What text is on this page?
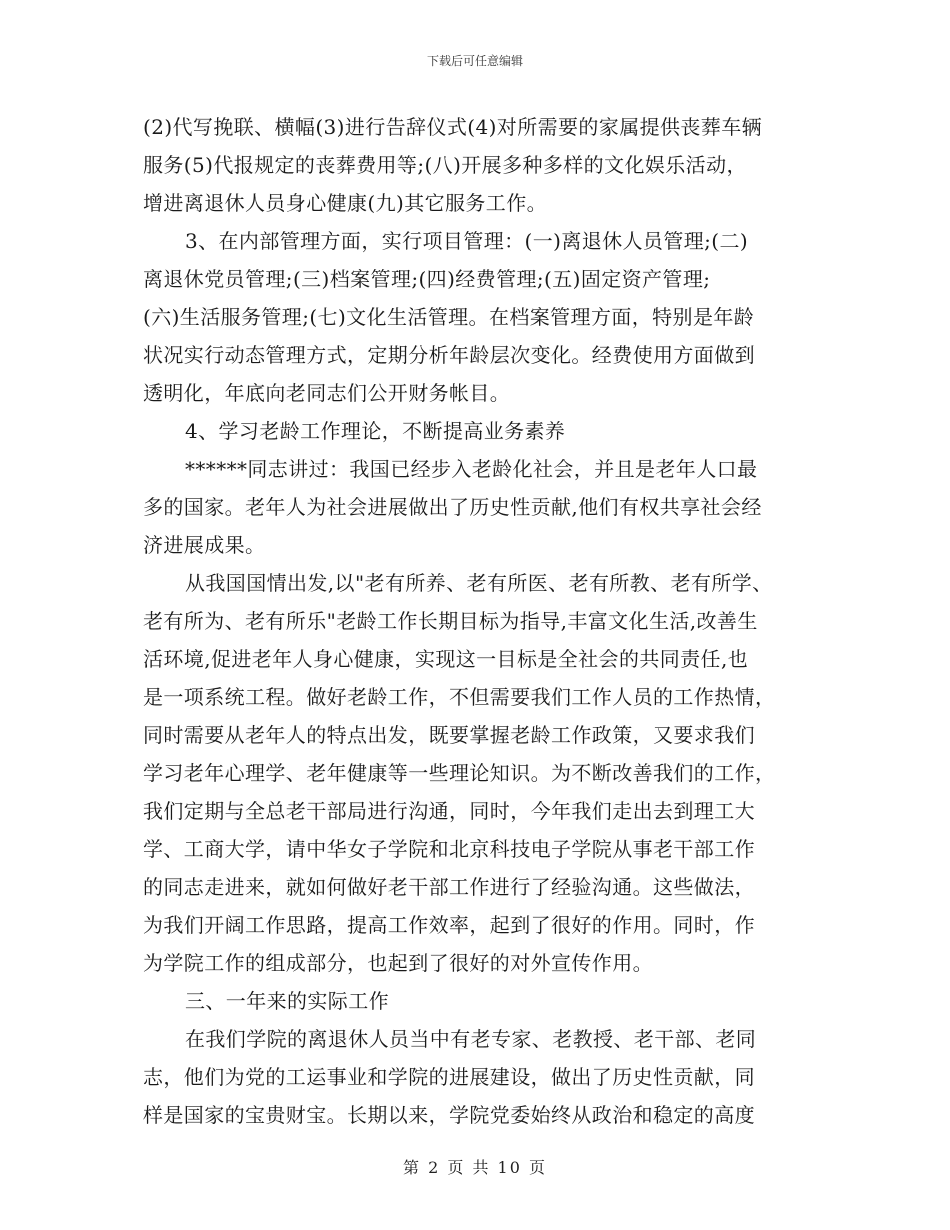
下载后可任意编辑
(2)代写挽联、横幅(3)进行告辞仪式(4)对所需要的家属提供丧葬车辆
服务(5)代报规定的丧葬费用等;(八)开展多种多样的文化娱乐活动，
增进离退休人员身心健康(九)其它服务工作。
3、在内部管理方面，实行项目管理：(一)离退休人员管理;(二)
离退休党员管理;(三)档案管理;(四)经费管理;(五)固定资产管理;
(六)生活服务管理;(七)文化生活管理。在档案管理方面，特别是年龄
状况实行动态管理方式，定期分析年龄层次变化。经费使用方面做到
透明化，年底向老同志们公开财务帐目。
4、学习老龄工作理论，不断提高业务素养
******同志讲过：我国已经步入老龄化社会，并且是老年人口最
多的国家。老年人为社会进展做出了历史性贡献,他们有权共享社会经
济进展成果。
从我国国情出发,以"老有所养、老有所医、老有所教、老有所学、
老有所为、老有所乐"老龄工作长期目标为指导,丰富文化生活,改善生
活环境,促进老年人身心健康，实现这一目标是全社会的共同责任,也
是一项系统工程。做好老龄工作，不但需要我们工作人员的工作热情，
同时需要从老年人的特点出发，既要掌握老龄工作政策，又要求我们
学习老年心理学、老年健康等一些理论知识。为不断改善我们的工作，
我们定期与全总老干部局进行沟通，同时，今年我们走出去到理工大
学、工商大学，请中华女子学院和北京科技电子学院从事老干部工作
的同志走进来，就如何做好老干部工作进行了经验沟通。这些做法，
为我们开阔工作思路，提高工作效率，起到了很好的作用。同时，作
为学院工作的组成部分，也起到了很好的对外宣传作用。
三、一年来的实际工作
在我们学院的离退休人员当中有老专家、老教授、老干部、老同
志，他们为党的工运事业和学院的进展建设，做出了历史性贡献，同
样是国家的宝贵财宝。长期以来，学院党委始终从政治和稳定的高度
第 2 页 共 10 页
